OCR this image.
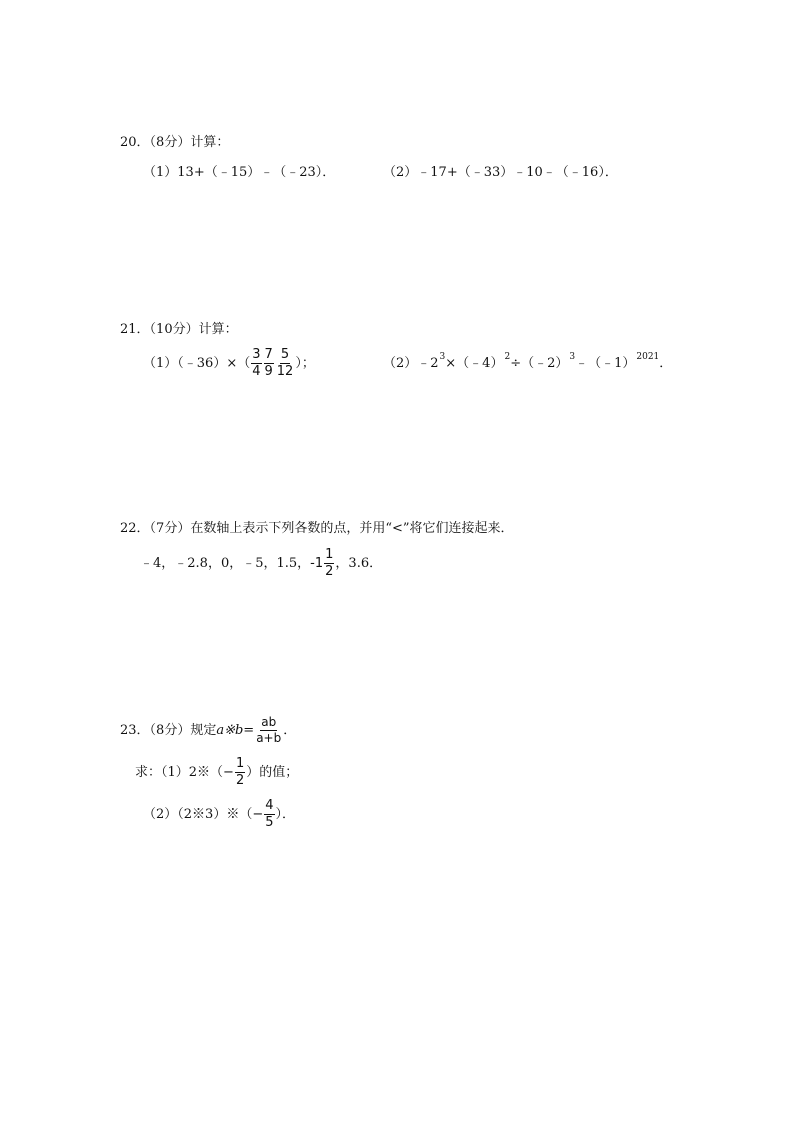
20．（8分）计算：
（1）13+（﹣15）﹣（﹣23）．	（2）﹣17+（﹣33）﹣10﹣（﹣16）．
21．（10分）计算：
（1）（﹣36）×（ $\frac{3}{4} \frac{7}{9} \frac{5}{12}$ ）；	（2）﹣2 3 ×（﹣4） 2 ÷（﹣2） 3 ﹣（﹣1） 2021 ．
22．（7分）在数轴上表示下列各数的点，并用“<”将它们连接起来．
﹣4，﹣2.8，0，﹣5，1.5， $-1 \frac{1}{2}$ ，3.6．
23．（8分）规定 a※b = $\frac{ab}{a+b}$ ．
求：（1）2※（ − $\frac{1}{2}$ ）的值；
（2）（2※3）※（ − $\frac{4}{5}$ ）．
